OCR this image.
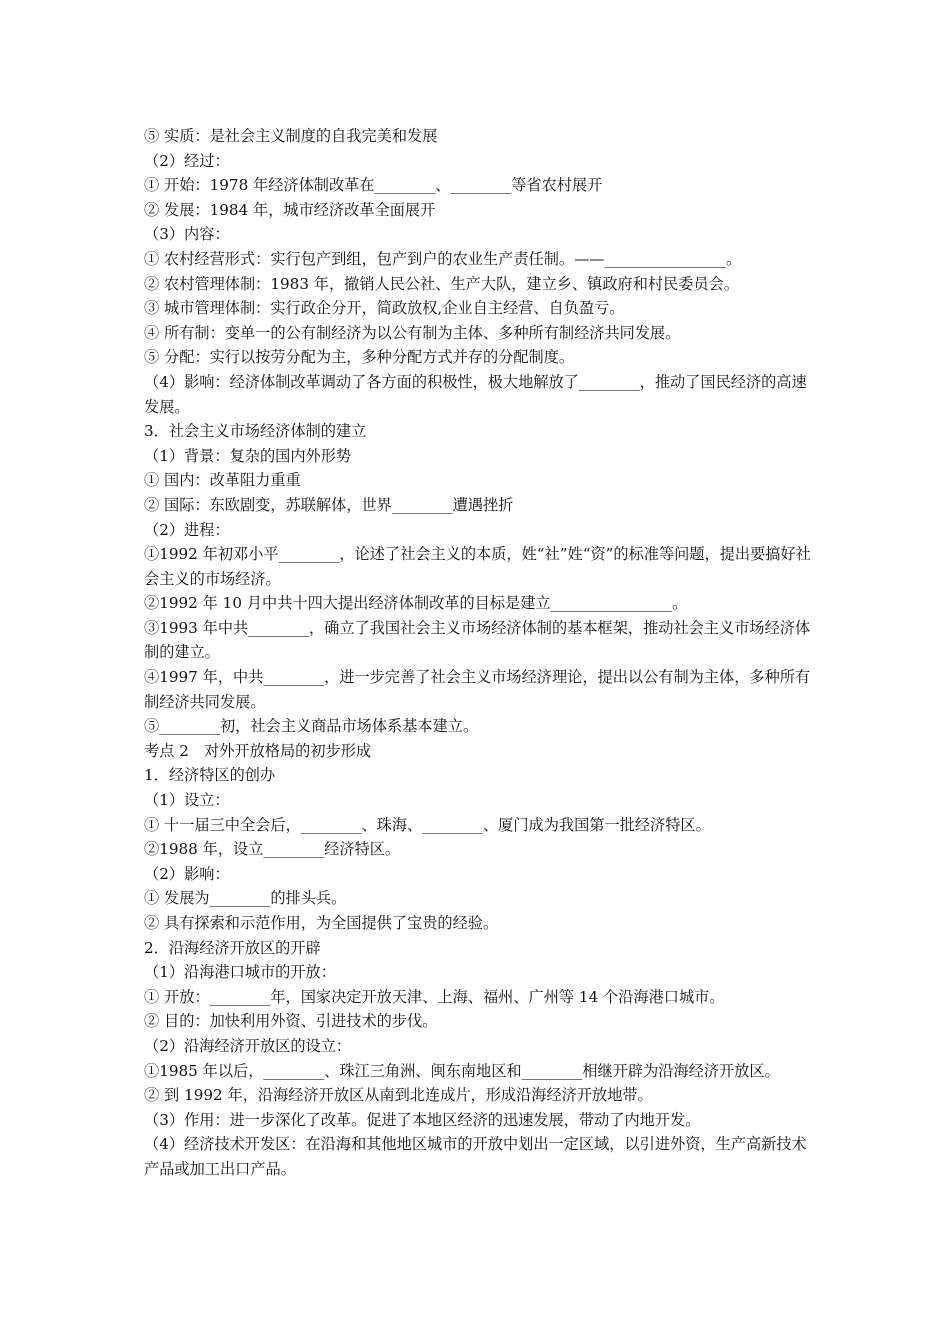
⑤ 实质：是社会主义制度的自我完美和发展

（2）经过：

① 开始：1978 年经济体制改革在________、________等省农村展开

② 发展：1984 年，城市经济改革全面展开

（3）内容：

① 农村经营形式：实行包产到组，包产到户的农业生产责任制。——________________。

② 农村管理体制：1983 年，撤销人民公社、生产大队，建立乡、镇政府和村民委员会。

③ 城市管理体制：实行政企分开，简政放权,企业自主经营、自负盈亏。

④ 所有制：变单一的公有制经济为以公有制为主体、多种所有制经济共同发展。

⑤ 分配：实行以按劳分配为主，多种分配方式并存的分配制度。

（4）影响：经济体制改革调动了各方面的积极性，极大地解放了________，推动了国民经济的高速发展。

3．社会主义市场经济体制的建立

（1）背景：复杂的国内外形势

① 国内：改革阻力重重

② 国际：东欧剧变，苏联解体，世界________遭遇挫折

（2）进程：

①1992 年初邓小平________，论述了社会主义的本质，姓“社”姓“资”的标准等问题，提出要搞好社会主义的市场经济。

②1992 年 10 月中共十四大提出经济体制改革的目标是建立________________。

③1993 年中共________，确立了我国社会主义市场经济体制的基本框架，推动社会主义市场经济体制的建立。

④1997 年，中共________，进一步完善了社会主义市场经济理论，提出以公有制为主体，多种所有制经济共同发展。

⑤________初，社会主义商品市场体系基本建立。

考点 2　对外开放格局的初步形成

1．经济特区的创办

（1）设立：

① 十一届三中全会后，________、珠海、________、厦门成为我国第一批经济特区。

②1988 年，设立________经济特区。

（2）影响：

① 发展为________的排头兵。

② 具有探索和示范作用，为全国提供了宝贵的经验。

2．沿海经济开放区的开辟

（1）沿海港口城市的开放：

① 开放：________年，国家决定开放天津、上海、福州、广州等 14 个沿海港口城市。

② 目的：加快利用外资、引进技术的步伐。

（2）沿海经济开放区的设立：

①1985 年以后，________、珠江三角洲、闽东南地区和________相继开辟为沿海经济开放区。

② 到 1992 年，沿海经济开放区从南到北连成片，形成沿海经济开放地带。

（3）作用：进一步深化了改革。促进了本地区经济的迅速发展，带动了内地开发。

（4）经济技术开发区：在沿海和其他地区城市的开放中划出一定区域，以引进外资，生产高新技术产品或加工出口产品。
